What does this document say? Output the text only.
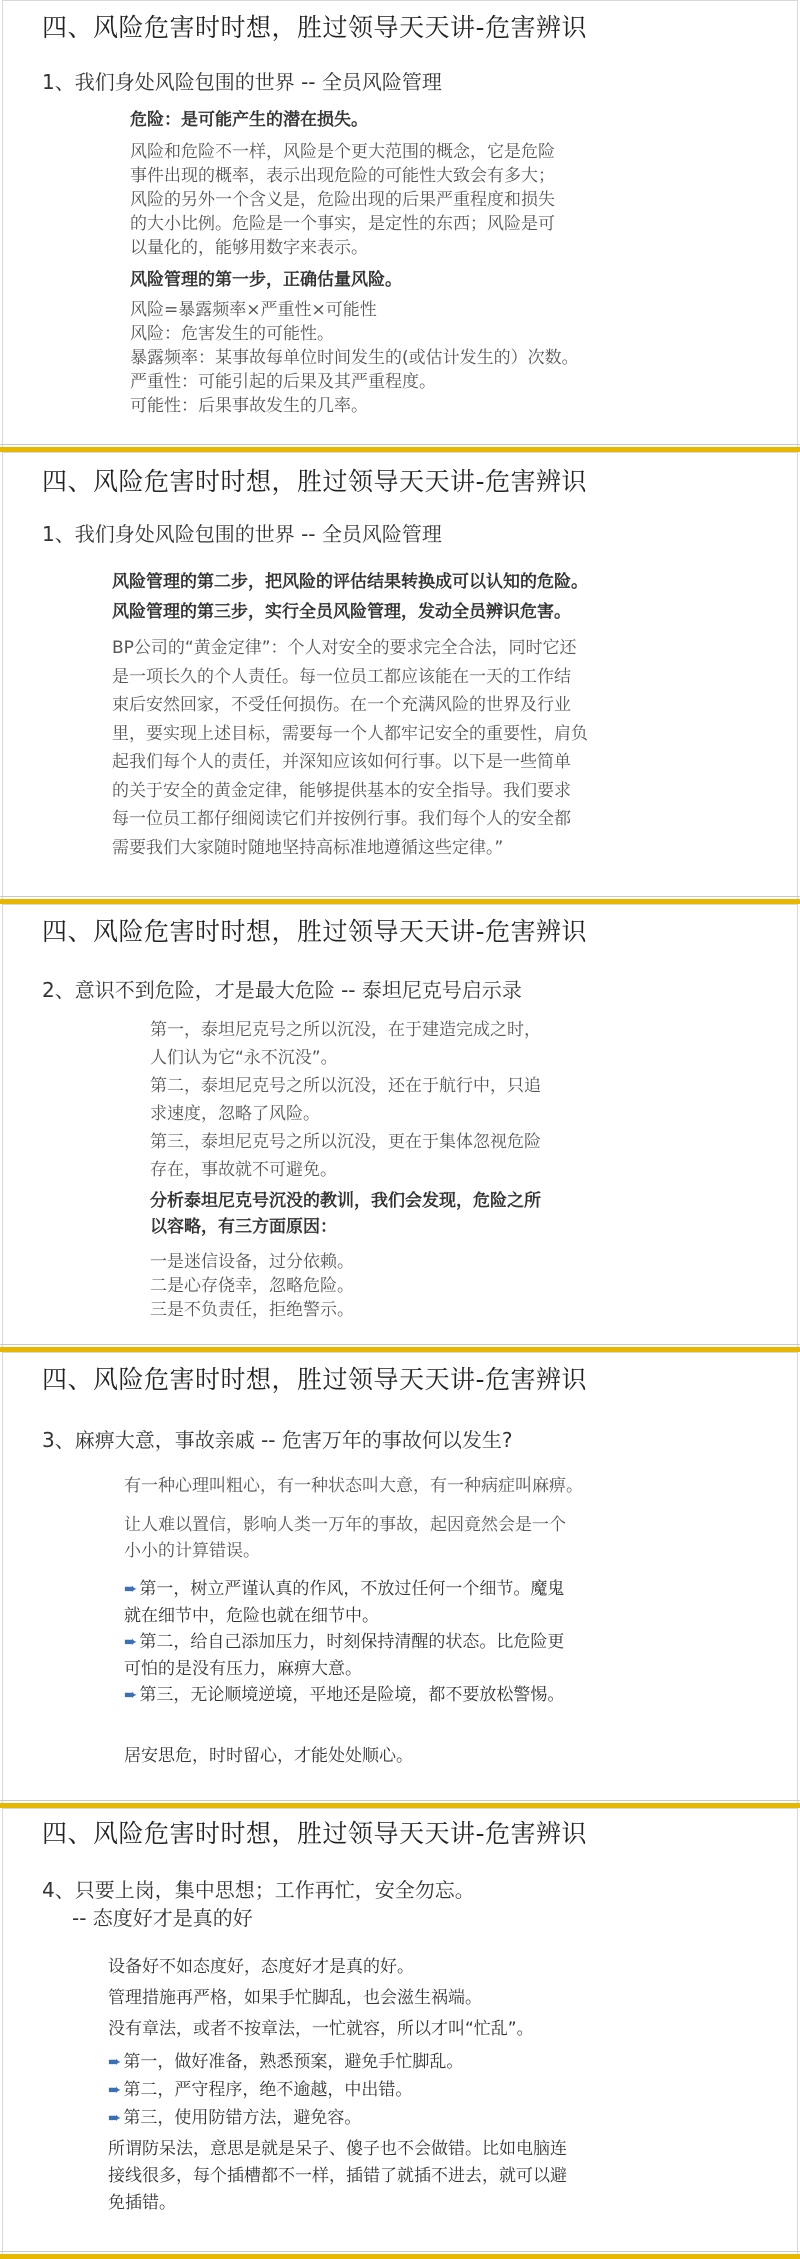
四、风险危害时时想，胜过领导天天讲-危害辨识
1、我们身处风险包围的世界 -- 全员风险管理
危险：是可能产生的潜在损失。
风险和危险不一样，风险是个更大范围的概念，它是危险
事件出现的概率，表示出现危险的可能性大致会有多大；
风险的另外一个含义是，危险出现的后果严重程度和损失
的大小比例。危险是一个事实，是定性的东西；风险是可
以量化的，能够用数字来表示。
风险管理的第一步，正确估量风险。
风险=暴露频率×严重性×可能性
风险：危害发生的可能性。
暴露频率：某事故每单位时间发生的(或估计发生的）次数。
严重性：可能引起的后果及其严重程度。
可能性：后果事故发生的几率。
四、风险危害时时想，胜过领导天天讲-危害辨识
1、我们身处风险包围的世界 -- 全员风险管理
风险管理的第二步，把风险的评估结果转换成可以认知的危险。
风险管理的第三步，实行全员风险管理，发动全员辨识危害。
BP公司的“黄金定律”：个人对安全的要求完全合法，同时它还
是一项长久的个人责任。每一位员工都应该能在一天的工作结
束后安然回家，不受任何损伤。在一个充满风险的世界及行业
里，要实现上述目标，需要每一个人都牢记安全的重要性，肩负
起我们每个人的责任，并深知应该如何行事。以下是一些简单
的关于安全的黄金定律，能够提供基本的安全指导。我们要求
每一位员工都仔细阅读它们并按例行事。我们每个人的安全都
需要我们大家随时随地坚持高标准地遵循这些定律。”
四、风险危害时时想，胜过领导天天讲-危害辨识
2、意识不到危险，才是最大危险 -- 泰坦尼克号启示录
第一，泰坦尼克号之所以沉没，在于建造完成之时，
人们认为它“永不沉没”。
第二，泰坦尼克号之所以沉没，还在于航行中，只追
求速度，忽略了风险。
第三，泰坦尼克号之所以沉没，更在于集体忽视危险
存在，事故就不可避免。
分析泰坦尼克号沉没的教训，我们会发现，危险之所
以容略，有三方面原因：
一是迷信设备，过分依赖。
二是心存侥幸，忽略危险。
三是不负责任，拒绝警示。
四、风险危害时时想，胜过领导天天讲-危害辨识
3、麻痹大意，事故亲戚 -- 危害万年的事故何以发生?
有一种心理叫粗心，有一种状态叫大意，有一种病症叫麻痹。
让人难以置信，影响人类一万年的事故，起因竟然会是一个
小小的计算错误。
➨ 第一，树立严谨认真的作风，不放过任何一个细节。魔鬼
就在细节中，危险也就在细节中。
➨ 第二，给自己添加压力，时刻保持清醒的状态。比危险更
可怕的是没有压力，麻痹大意。
➨ 第三，无论顺境逆境，平地还是险境，都不要放松警惕。
居安思危，时时留心，才能处处顺心。
四、风险危害时时想，胜过领导天天讲-危害辨识
4、只要上岗，集中思想；工作再忙，安全勿忘。
-- 态度好才是真的好
设备好不如态度好，态度好才是真的好。
管理措施再严格，如果手忙脚乱，也会滋生祸端。
没有章法，或者不按章法，一忙就容，所以才叫“忙乱”。
➨ 第一，做好准备，熟悉预案，避免手忙脚乱。
➨ 第二，严守程序，绝不逾越，中出错。
➨ 第三，使用防错方法，避免容。
所谓防呆法，意思是就是呆子、傻子也不会做错。比如电脑连
接线很多，每个插槽都不一样，插错了就插不进去，就可以避
免插错。
